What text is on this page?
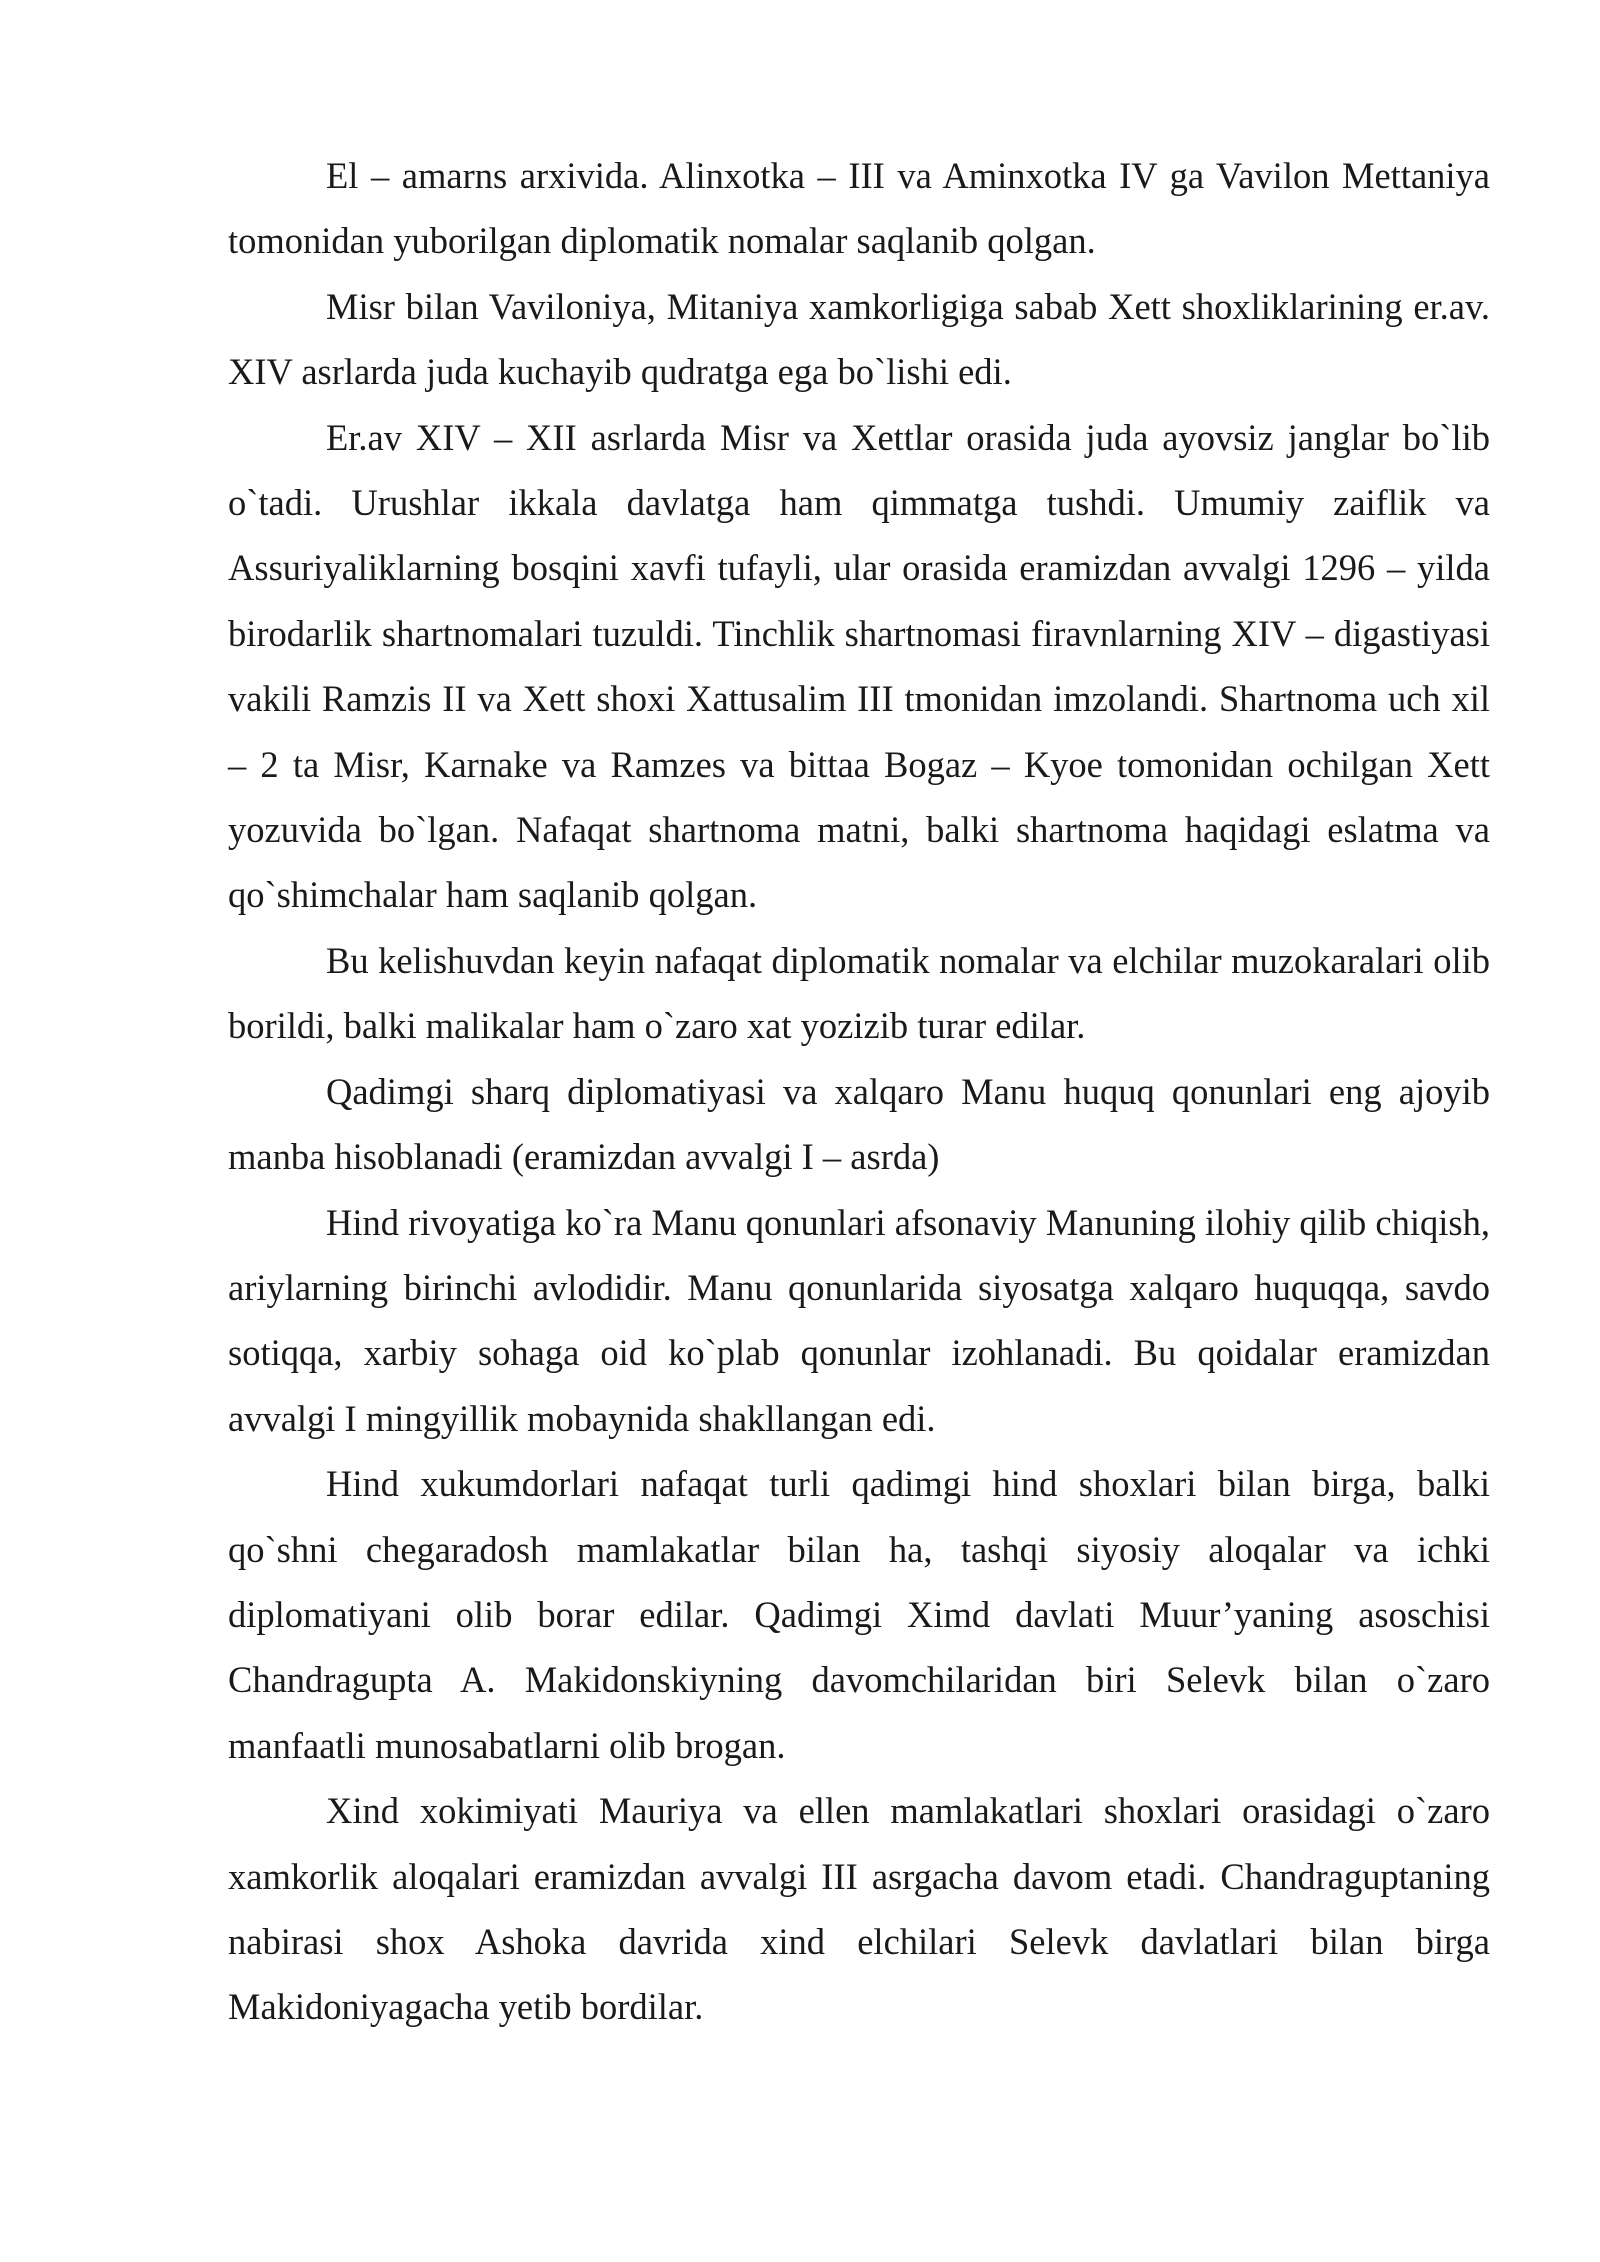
El – amarns arxivida. Alinxotka – III va Aminxotka IV ga Vavilon Mettaniya tomonidan yuborilgan diplomatik nomalar saqlanib qolgan.

Misr bilan Vaviloniya, Mitaniya xamkorligiga sabab Xett shoxliklarining er.av. XIV asrlarda juda kuchayib qudratga ega bo`lishi edi.

Er.av XIV – XII asrlarda Misr va Xettlar orasida juda ayovsiz janglar bo`lib o`tadi. Urushlar ikkala davlatga ham qimmatga tushdi. Umumiy zaiflik va Assuriyaliklarning bosqini xavfi tufayli, ular orasida eramizdan avvalgi 1296 – yilda birodarlik shartnomalari tuzuldi. Tinchlik shartnomasi firavnlarning XIV – digastiyasi vakili Ramzis II va Xett shoxi Xattusalim III tmonidan imzolandi. Shartnoma uch xil – 2 ta Misr, Karnake va Ramzes va bittaa Bogaz – Kyoe tomonidan ochilgan Xett yozuvida bo`lgan. Nafaqat shartnoma matni, balki shartnoma haqidagi eslatma va qo`shimchalar ham saqlanib qolgan.

Bu kelishuvdan keyin nafaqat diplomatik nomalar va elchilar muzokaralari olib borildi, balki malikalar ham o`zaro xat yozizib turar edilar.

Qadimgi sharq diplomatiyasi va xalqaro Manu huquq qonunlari eng ajoyib manba hisoblanadi (eramizdan avvalgi I – asrda)

Hind rivoyatiga ko`ra Manu qonunlari afsonaviy Manuning ilohiy qilib chiqish, ariylarning birinchi avlodidir. Manu qonunlarida siyosatga xalqaro huquqqa, savdo sotiqqa, xarbiy sohaga oid ko`plab qonunlar izohlanadi. Bu qoidalar eramizdan avvalgi I mingyillik mobaynida shakllangan edi.

Hind xukumdorlari nafaqat turli qadimgi hind shoxlari bilan birga, balki qo`shni chegaradosh mamlakatlar bilan ha, tashqi siyosiy aloqalar va ichki diplomatiyani olib borar edilar. Qadimgi Ximd davlati Muur’yaning asoschisi Chandragupta A. Makidonskiyning davomchilaridan biri Selevk bilan o`zaro manfaatli munosabatlarni olib brogan.

Xind xokimiyati Mauriya va ellen mamlakatlari shoxlari orasidagi o`zaro xamkorlik aloqalari eramizdan avvalgi III asrgacha davom etadi. Chandraguptaning nabirasi shox Ashoka davrida xind elchilari Selevk davlatlari bilan birga Makidoniyagacha yetib bordilar.
